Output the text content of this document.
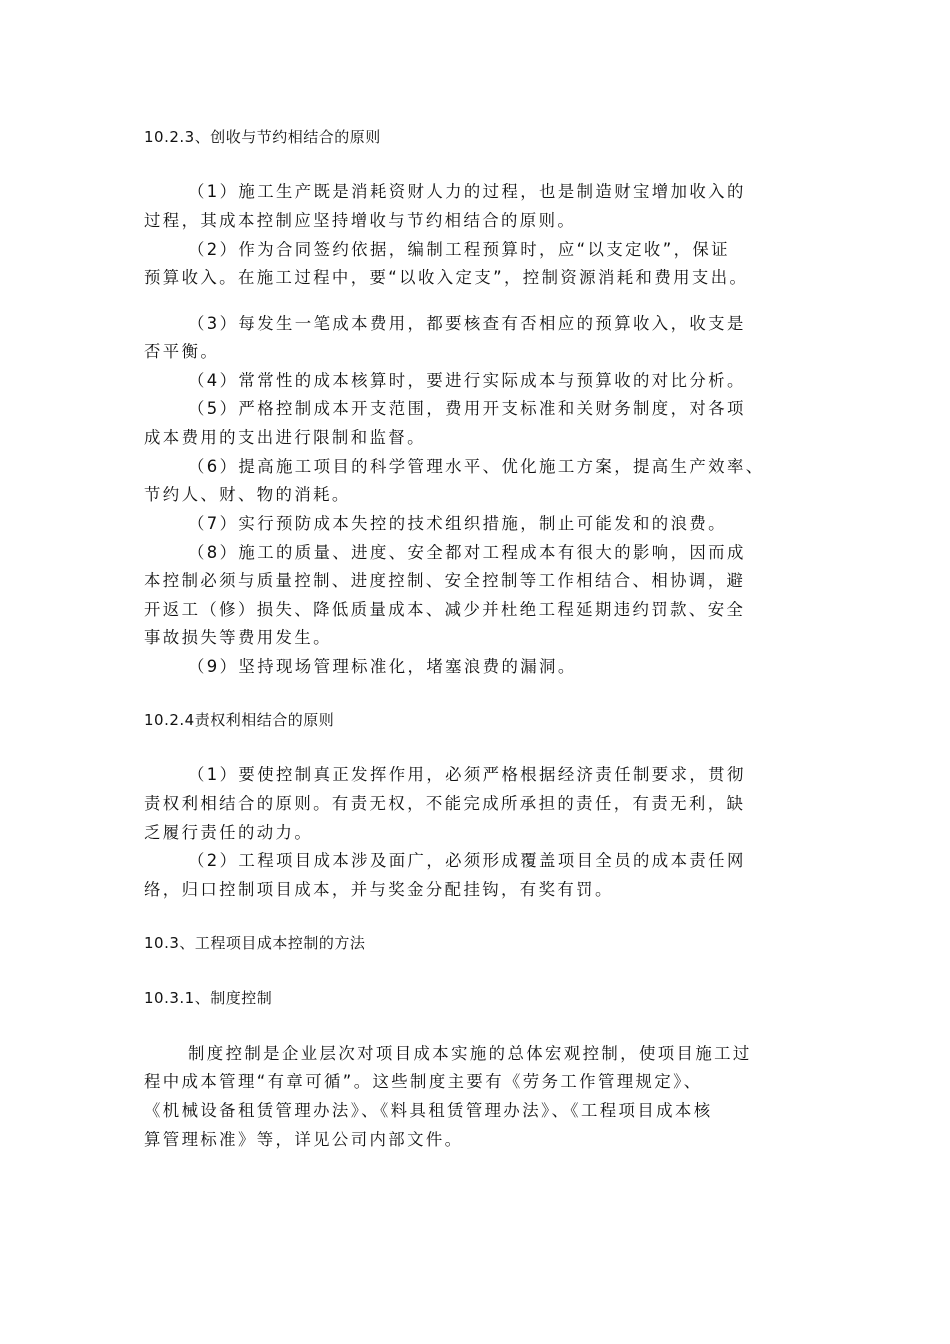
10.2.3、创收与节约相结合的原则
（1）施工生产既是消耗资财人力的过程，也是制造财宝增加收入的
过程，其成本控制应坚持增收与节约相结合的原则。
（2）作为合同签约依据，编制工程预算时，应“以支定收”，保证
预算收入。在施工过程中，要“以收入定支”，控制资源消耗和费用支出。
（3）每发生一笔成本费用，都要核查有否相应的预算收入，收支是
否平衡。
（4）常常性的成本核算时，要进行实际成本与预算收的对比分析。
（5）严格控制成本开支范围，费用开支标准和关财务制度，对各项
成本费用的支出进行限制和监督。
（6）提高施工项目的科学管理水平、优化施工方案，提高生产效率、
节约人、财、物的消耗。
（7）实行预防成本失控的技术组织措施，制止可能发和的浪费。
（8）施工的质量、进度、安全都对工程成本有很大的影响，因而成
本控制必须与质量控制、进度控制、安全控制等工作相结合、相协调，避
开返工（修）损失、降低质量成本、减少并杜绝工程延期违约罚款、安全
事故损失等费用发生。
（9）坚持现场管理标准化，堵塞浪费的漏洞。
10.2.4责权利相结合的原则
（1）要使控制真正发挥作用，必须严格根据经济责任制要求，贯彻
责权利相结合的原则。有责无权，不能完成所承担的责任，有责无利，缺
乏履行责任的动力。
（2）工程项目成本涉及面广，必须形成覆盖项目全员的成本责任网
络，归口控制项目成本，并与奖金分配挂钩，有奖有罚。
10.3、工程项目成本控制的方法
10.3.1、制度控制
制度控制是企业层次对项目成本实施的总体宏观控制，使项目施工过
程中成本管理“有章可循”。这些制度主要有《劳务工作管理规定》、
《机械设备租赁管理办法》、《料具租赁管理办法》、《工程项目成本核
算管理标准》等，详见公司内部文件。
